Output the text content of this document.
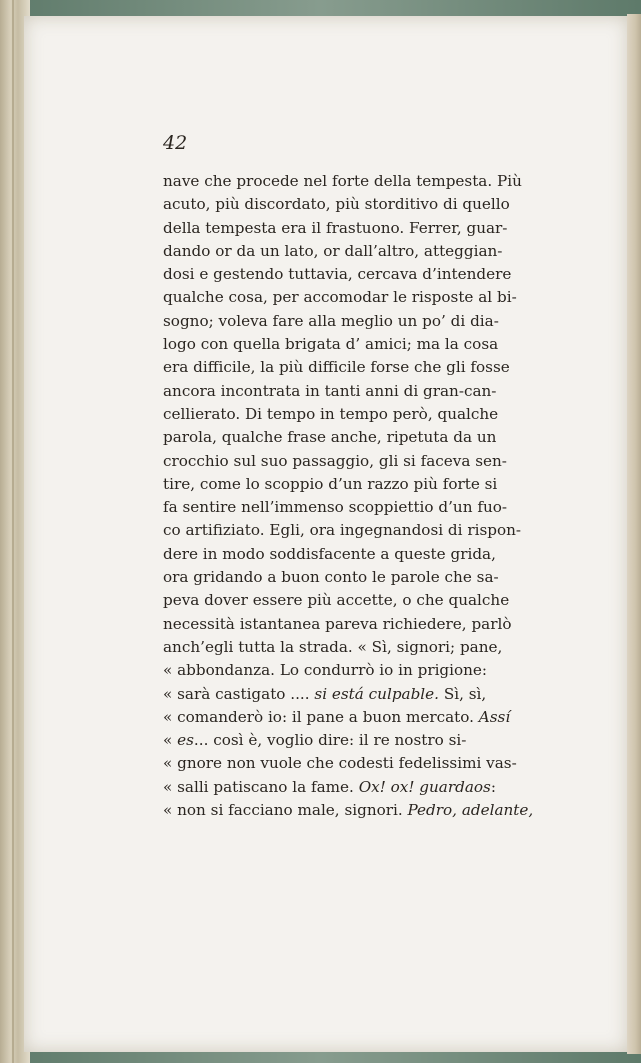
42

nave che procede nel forte della tempesta. Più
acuto, più discordato, più storditivo di quello
della tempesta era il frastuono. Ferrer, guar-
dando or da un lato, or dall’altro, atteggian-
dosi e gestendo tuttavia, cercava d’intendere
qualche cosa, per accomodar le risposte al bi-
sogno; voleva fare alla meglio un po’ di dia-
logo con quella brigata d’ amici; ma la cosa
era difficile, la più difficile forse che gli fosse
ancora incontrata in tanti anni di gran-can-
cellierato. Di tempo in tempo però, qualche
parola, qualche frase anche, ripetuta da un
crocchio sul suo passaggio, gli si faceva sen-
tire, come lo scoppio d’un razzo più forte si
fa sentire nell’immenso scoppiettio d’un fuo-
co artifiziato. Egli, ora ingegnandosi di rispon-
dere in modo soddisfacente a queste grida,
ora gridando a buon conto le parole che sa-
peva dover essere più accette, o che qualche
necessità istantanea pareva richiedere, parlò
anch’egli tutta la strada. « Sì, signori; pane,
« abbondanza. Lo condurrò io in prigione:
« sarà castigato .... si está culpable. Sì, sì,
« comanderò io: il pane a buon mercato. Assí
« es... così è, voglio dire: il re nostro si-
« gnore non vuole che codesti fedelissimi vas-
« salli patiscano la fame. Ox! ox! guardaos:
« non si facciano male, signori. Pedro, adelante,
